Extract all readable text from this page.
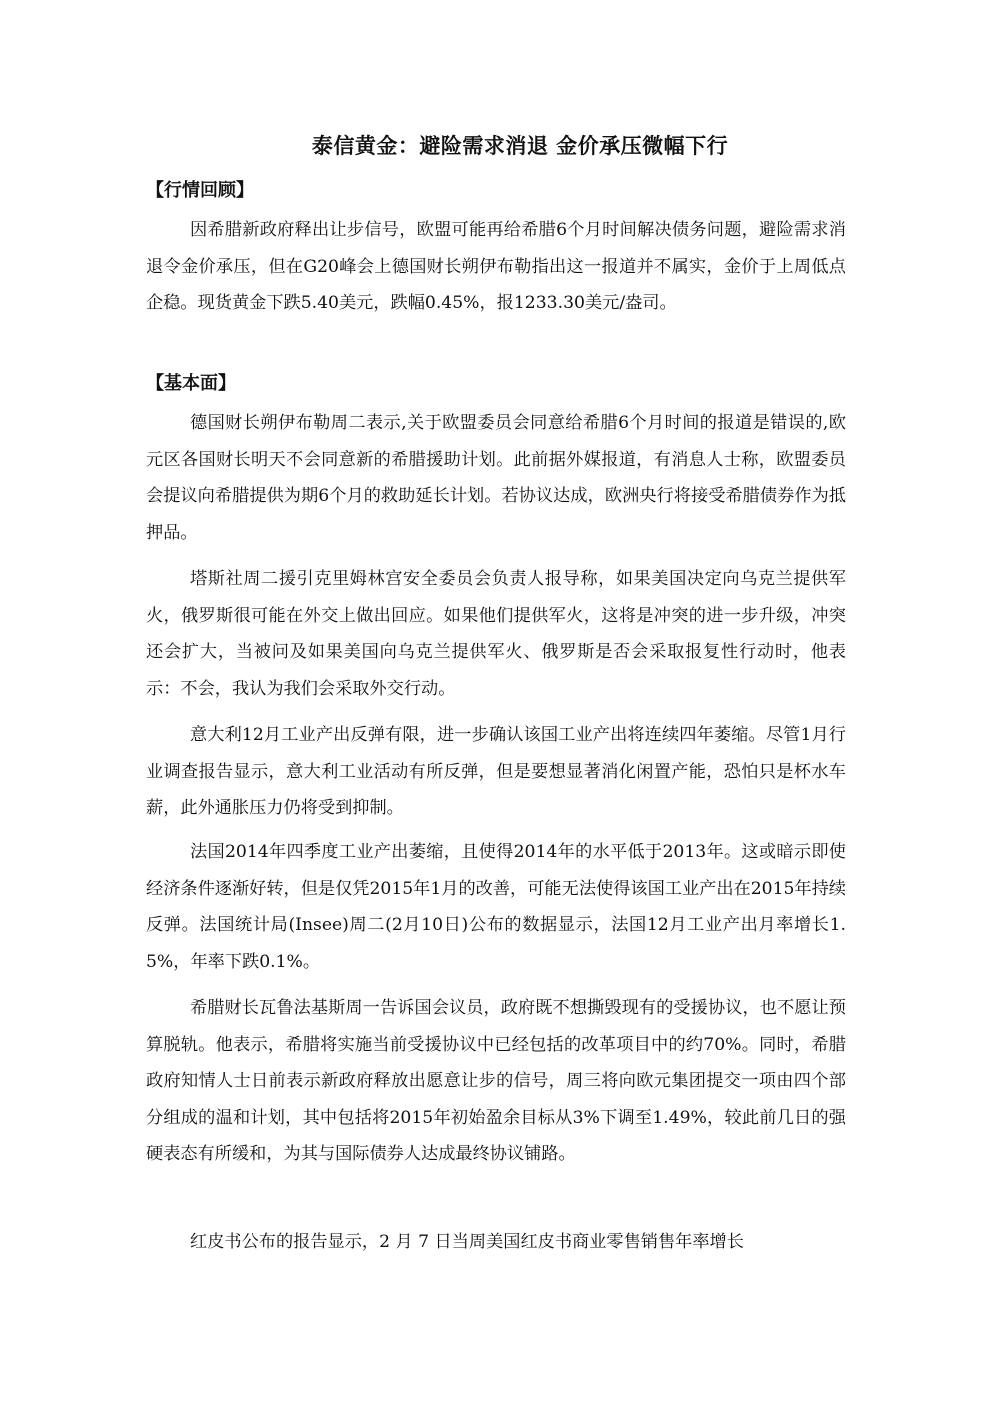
泰信黄金：避险需求消退 金价承压微幅下行
【行情回顾】

因希腊新政府释出让步信号，欧盟可能再给希腊6个月时间解决债务问题，避险需求消退令金价承压，但在G20峰会上德国财长朔伊布勒指出这一报道并不属实，金价于上周低点企稳。现货黄金下跌5.40美元，跌幅0.45%，报1233.30美元/盎司。

【基本面】

德国财长朔伊布勒周二表示,关于欧盟委员会同意给希腊6个月时间的报道是错误的,欧元区各国财长明天不会同意新的希腊援助计划。此前据外媒报道，有消息人士称，欧盟委员会提议向希腊提供为期6个月的救助延长计划。若协议达成，欧洲央行将接受希腊债券作为抵押品。

塔斯社周二援引克里姆林宫安全委员会负责人报导称，如果美国决定向乌克兰提供军火，俄罗斯很可能在外交上做出回应。如果他们提供军火，这将是冲突的进一步升级，冲突还会扩大，当被问及如果美国向乌克兰提供军火、俄罗斯是否会采取报复性行动时，他表示：不会，我认为我们会采取外交行动。

意大利12月工业产出反弹有限，进一步确认该国工业产出将连续四年萎缩。尽管1月行业调查报告显示，意大利工业活动有所反弹，但是要想显著消化闲置产能，恐怕只是杯水车薪，此外通胀压力仍将受到抑制。

法国2014年四季度工业产出萎缩，且使得2014年的水平低于2013年。这或暗示即使经济条件逐渐好转，但是仅凭2015年1月的改善，可能无法使得该国工业产出在2015年持续反弹。法国统计局(Insee)周二(2月10日)公布的数据显示，法国12月工业产出月率增长1.5%，年率下跌0.1%。

希腊财长瓦鲁法基斯周一告诉国会议员，政府既不想撕毁现有的受援协议，也不愿让预算脱轨。他表示，希腊将实施当前受援协议中已经包括的改革项目中的约70%。同时，希腊政府知情人士日前表示新政府释放出愿意让步的信号，周三将向欧元集团提交一项由四个部分组成的温和计划，其中包括将2015年初始盈余目标从3%下调至1.49%，较此前几日的强硬表态有所缓和，为其与国际债券人达成最终协议铺路。

红皮书公布的报告显示，2 月 7 日当周美国红皮书商业零售销售年率增长
